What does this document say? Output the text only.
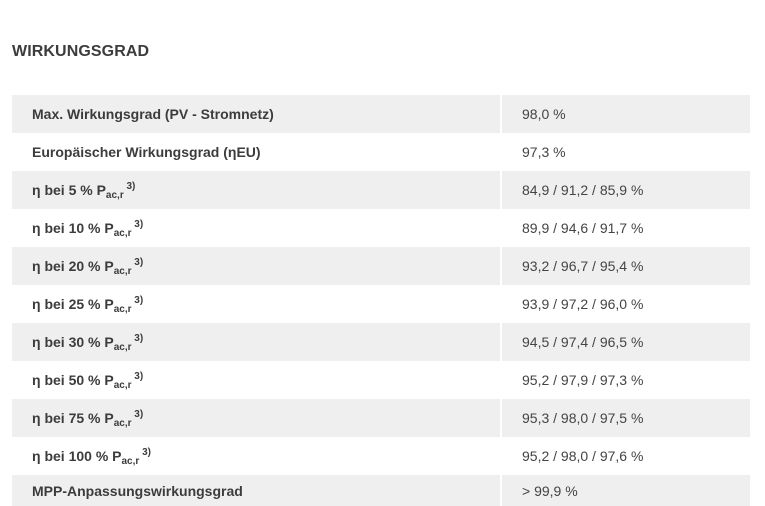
WIRKUNGSGRAD
Max. Wirkungsgrad (PV - Stromnetz)	98,0 %
Europäischer Wirkungsgrad (ηEU)	97,3 %
η bei 5 % $P_{ac,r}$ $^{3)}$	84,9 / 91,2 / 85,9 %
η bei 10 % $P_{ac,r}$ $^{3)}$	89,9 / 94,6 / 91,7 %
η bei 20 % $P_{ac,r}$ $^{3)}$	93,2 / 96,7 / 95,4 %
η bei 25 % $P_{ac,r}$ $^{3)}$	93,9 / 97,2 / 96,0 %
η bei 30 % $P_{ac,r}$ $^{3)}$	94,5 / 97,4 / 96,5 %
η bei 50 % $P_{ac,r}$ $^{3)}$	95,2 / 97,9 / 97,3 %
η bei 75 % $P_{ac,r}$ $^{3)}$	95,3 / 98,0 / 97,5 %
η bei 100 % $P_{ac,r}$ $^{3)}$	95,2 / 98,0 / 97,6 %
MPP-Anpassungswirkungsgrad	> 99,9 %
